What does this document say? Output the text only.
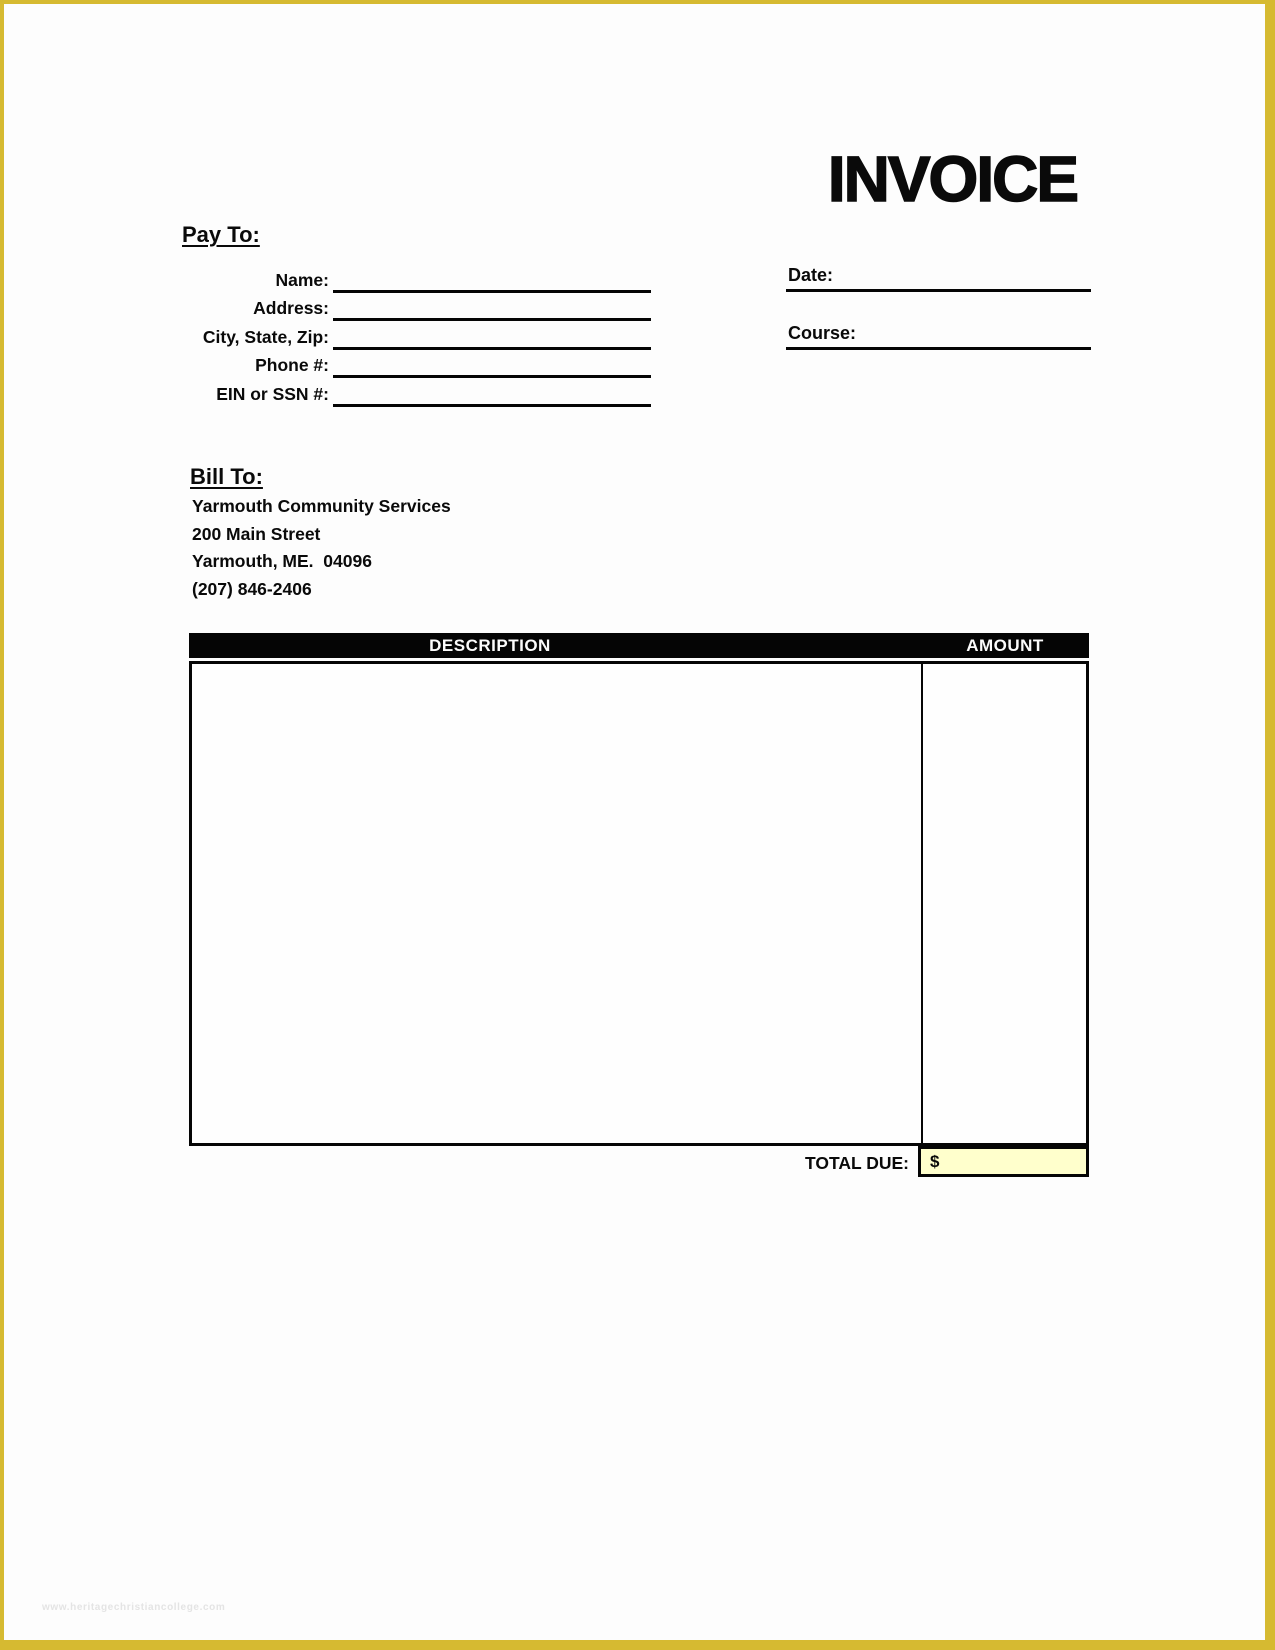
INVOICE
Pay To:
Name:
Address:
City, State, Zip:
Phone #:
EIN or SSN #:
Date:
Course:
Bill To:
Yarmouth Community Services
200 Main Street
Yarmouth, ME.  04096
(207) 846-2406
DESCRIPTION	AMOUNT
TOTAL DUE:	$
www.heritagechristiancollege.com
